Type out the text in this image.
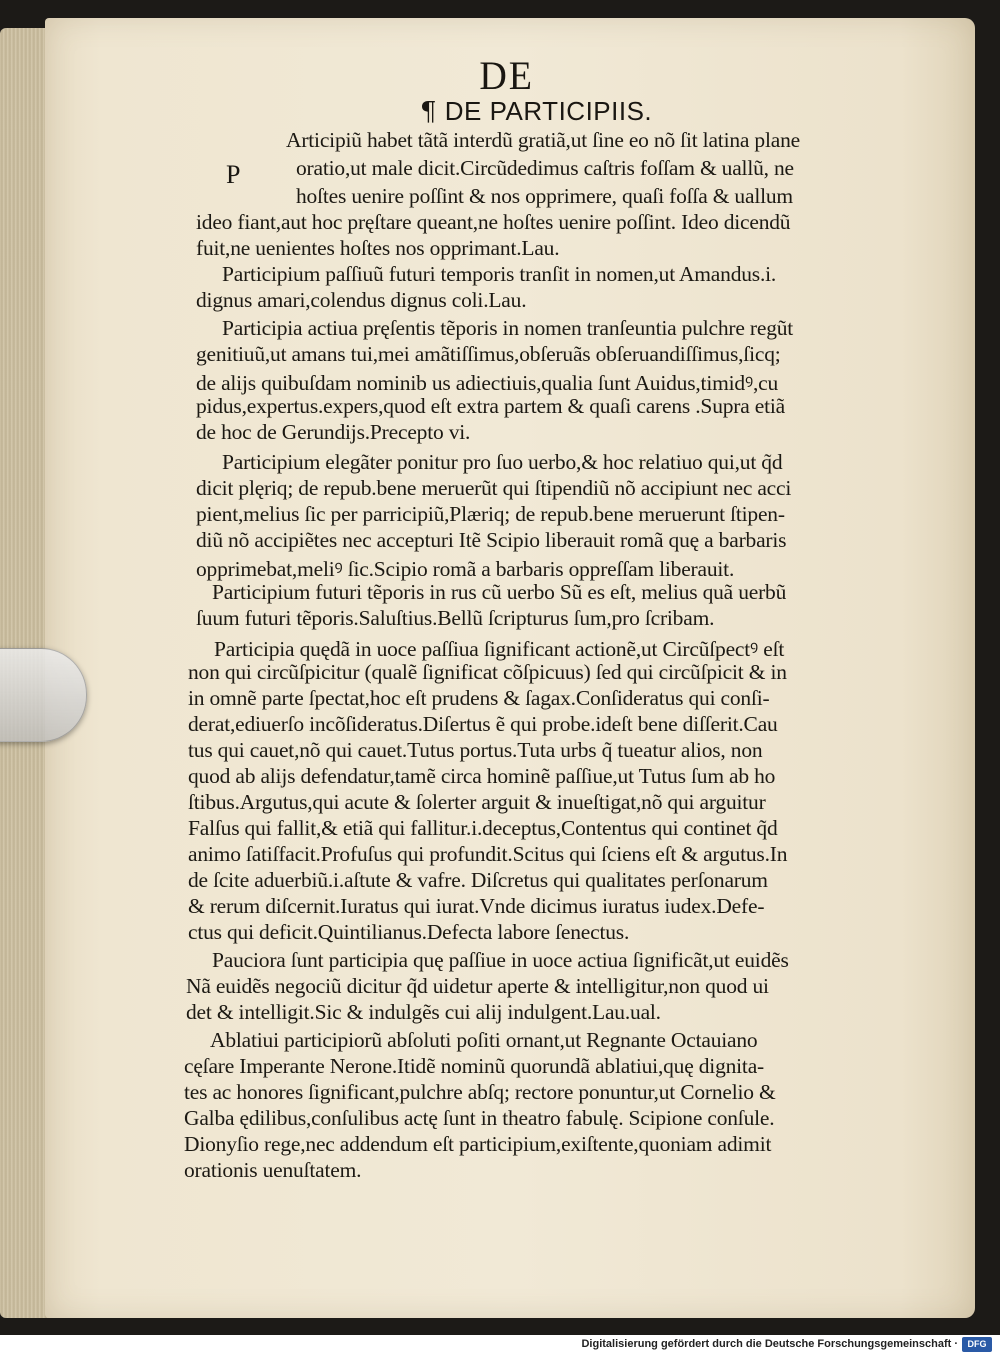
DE
¶ DE PARTICIPIIS.
P
Articipiũ habet tãtã interdũ gratiã,ut ſine eo nõ ſit latina plane
oratio,ut male dicit.Circũdedimus caſtris foſſam & uallũ, ne
hoſtes uenire poſſint & nos opprimere, quaſi foſſa & uallum
ideo fiant,aut hoc pręſtare queant,ne hoſtes uenire poſſint. Ideo dicendũ
fuit,ne uenientes hoſtes nos opprimant.Lau.
Participium paſſiuũ futuri temporis tranſit in nomen,ut Amandus.i.
dignus amari,colendus dignus coli.Lau.
Participia actiua pręſentis tẽporis in nomen tranſeuntia pulchre regũt
genitiuũ,ut amans tui,mei amãtiſſimus,obſeruãs obſeruandiſſimus,ſicq;
de alijs quibuſdam nominib us adiectiuis,qualia ſunt Auidus,timidꝰ,cu
pidus,expertus.expers,quod eſt extra partem & quaſi carens .Supra etiã
de hoc de Gerundijs.Precepto vi.
Participium elegãter ponitur pro ſuo uerbo,& hoc relatiuo qui,ut q̃d
dicit plęriq; de repub.bene meruerũt qui ſtipendiũ nõ accipiunt nec acci
pient,melius ſic per parricipiũ,Plæriq; de repub.bene meruerunt ſtipen-
diũ nõ accipiẽtes nec accepturi Itẽ Scipio liberauit romã quę a barbaris
opprimebat,meliꝰ ſic.Scipio romã a barbaris oppreſſam liberauit.
Participium futuri tẽporis in rus cũ uerbo Sũ es eſt, melius quã uerbũ
ſuum futuri tẽporis.Saluſtius.Bellũ ſcripturus ſum,pro ſcribam.
Participia quędã in uoce paſſiua ſignificant actionẽ,ut Circũſpectꝰ eſt
non qui circũſpicitur (qualẽ ſignificat cõſpicuus) ſed qui circũſpicit & in
in omnẽ parte ſpectat,hoc eſt prudens & ſagax.Conſideratus qui conſi-
derat,ediuerſo incõſideratus.Diſertus ẽ qui probe.ideſt bene diſſerit.Cau
tus qui cauet,nõ qui cauet.Tutus portus.Tuta urbs q̃ tueatur alios, non
quod ab alijs defendatur,tamẽ circa hominẽ paſſiue,ut Tutus ſum ab ho
ſtibus.Argutus,qui acute & ſolerter arguit & inueſtigat,nõ qui arguitur
Falſus qui fallit,& etiã qui fallitur.i.deceptus,Contentus qui continet q̃d
animo ſatiſfacit.Profuſus qui profundit.Scitus qui ſciens eſt & argutus.In
de ſcite aduerbiũ.i.aſtute & vafre. Diſcretus qui qualitates perſonarum
& rerum diſcernit.Iuratus qui iurat.Vnde dicimus iuratus iudex.Defe-
ctus qui deficit.Quintilianus.Defecta labore ſenectus.
Pauciora ſunt participia quę paſſiue in uoce actiua ſignificãt,ut euidẽs
Nã euidẽs negociũ dicitur q̃d uidetur aperte & intelligitur,non quod ui
det & intelligit.Sic & indulgẽs cui alij indulgent.Lau.ual.
Ablatiui participiorũ abſoluti poſiti ornant,ut Regnante Octauiano
cęſare Imperante Nerone.Itidẽ nominũ quorundã ablatiui,quę dignita-
tes ac honores ſignificant,pulchre abſq; rectore ponuntur,ut Cornelio &
Galba ędilibus,conſulibus actę ſunt in theatro fabulę. Scipione conſule.
Dionyſio rege,nec addendum eſt participium,exiſtente,quoniam adimit
orationis uenuſtatem.
Digitalisierung gefördert durch die Deutsche Forschungsgemeinschaft ·	DFG
